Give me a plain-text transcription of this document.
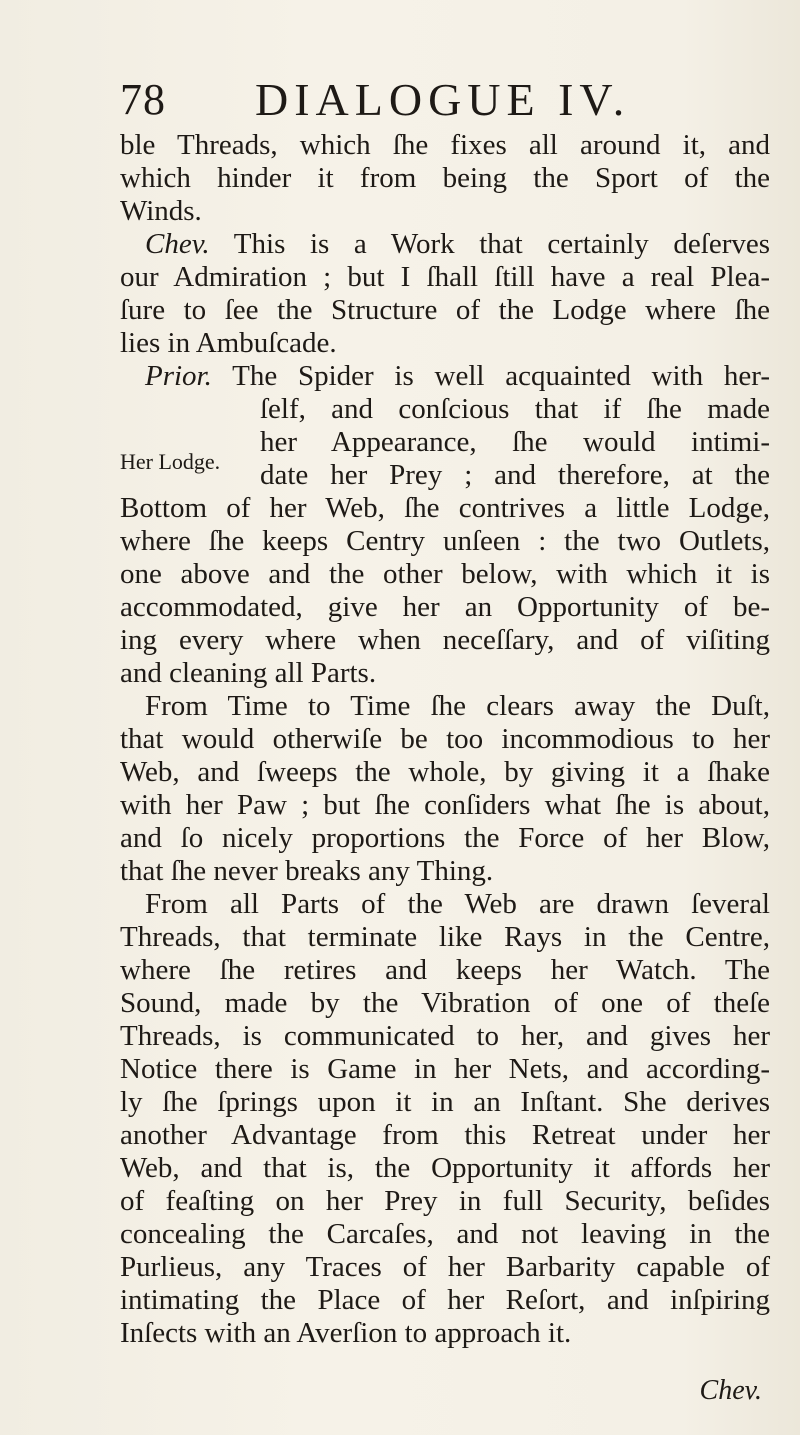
78 DIALOGUE IV.
ble Threads, which ſhe fixes all around it, and
which hinder it from being the Sport of the
Winds.
Chev. This is a Work that certainly deſerves
our Admiration ; but I ſhall ſtill have a real Plea-
ſure to ſee the Structure of the Lodge where ſhe
lies in Ambuſcade.
Prior. The Spider is well acquainted with her-
ſelf, and conſcious that if ſhe made
her Appearance, ſhe would intimi-
date her Prey ; and therefore, at the
Bottom of her Web, ſhe contrives a little Lodge,
where ſhe keeps Centry unſeen : the two Outlets,
one above and the other below, with which it is
accommodated, give her an Opportunity of be-
ing every where when neceſſary, and of viſiting
and cleaning all Parts.
From Time to Time ſhe clears away the Duſt,
that would otherwiſe be too incommodious to her
Web, and ſweeps the whole, by giving it a ſhake
with her Paw ; but ſhe conſiders what ſhe is about,
and ſo nicely proportions the Force of her Blow,
that ſhe never breaks any Thing.
From all Parts of the Web are drawn ſeveral
Threads, that terminate like Rays in the Centre,
where ſhe retires and keeps her Watch. The
Sound, made by the Vibration of one of theſe
Threads, is communicated to her, and gives her
Notice there is Game in her Nets, and according-
ly ſhe ſprings upon it in an Inſtant. She derives
another Advantage from this Retreat under her
Web, and that is, the Opportunity it affords her
of feaſting on her Prey in full Security, beſides
concealing the Carcaſes, and not leaving in the
Purlieus, any Traces of her Barbarity capable of
intimating the Place of her Reſort, and inſpiring
Inſects with an Averſion to approach it.
Her Lodge.
Chev.
